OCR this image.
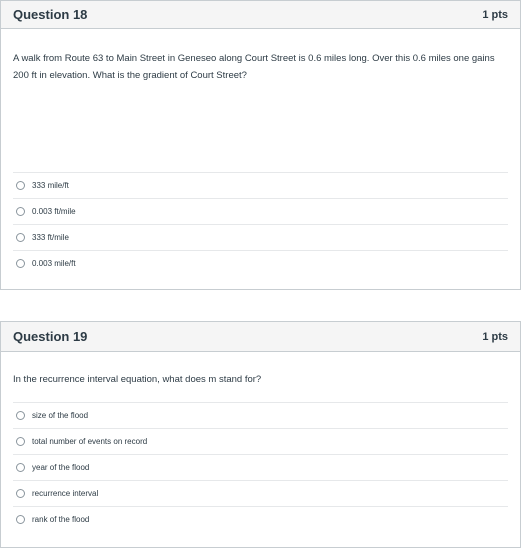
Question 18	1 pts

A walk from Route 63 to Main Street in Geneseo along Court Street is 0.6 miles long. Over this 0.6 miles one gains 200 ft in elevation. What is the gradient of Court Street?

333 mile/ft
0.003 ft/mile
333 ft/mile
0.003 mile/ft
Question 19	1 pts

In the recurrence interval equation, what does m stand for?

size of the flood
total number of events on record
year of the flood
recurrence interval
rank of the flood
